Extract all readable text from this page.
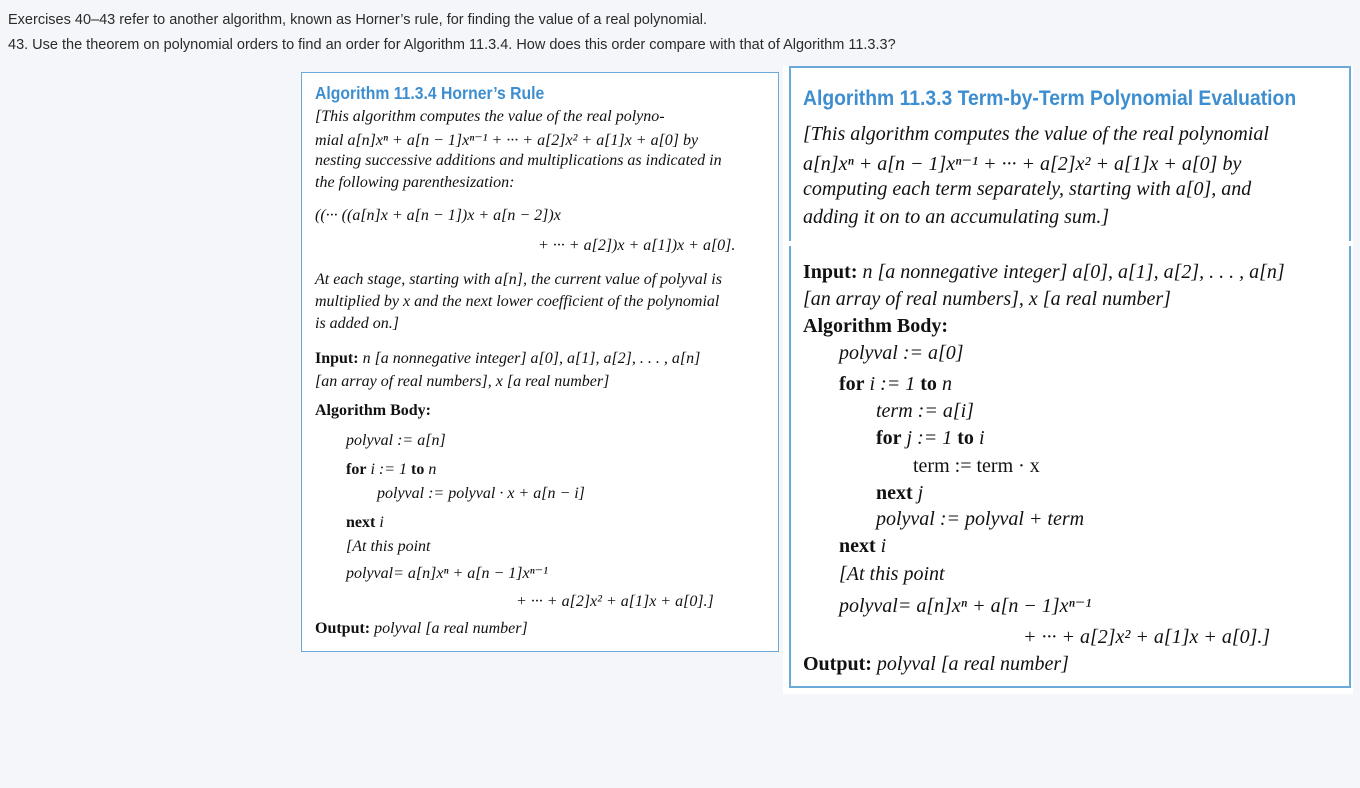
Exercises 40–43 refer to another algorithm, known as Horner’s rule, for finding the value of a real polynomial.
43. Use the theorem on polynomial orders to find an order for Algorithm 11.3.4. How does this order compare with that of Algorithm 11.3.3?
Algorithm 11.3.4 Horner’s Rule
[This algorithm computes the value of the real polyno-
mial a[n]xⁿ + a[n − 1]xⁿ⁻¹ + ··· + a[2]x² + a[1]x + a[0] by
nesting successive additions and multiplications as indicated in
the following parenthesization:
((··· ((a[n]x + a[n − 1])x + a[n − 2])x
+ ··· + a[2])x + a[1])x + a[0].
At each stage, starting with a[n], the current value of polyval is
multiplied by x and the next lower coefficient of the polynomial
is added on.]
Input: n [a nonnegative integer] a[0], a[1], a[2], . . . , a[n]
[an array of real numbers], x [a real number]
Algorithm Body:
polyval := a[n]
for i := 1 to n
polyval := polyval · x + a[n − i]
next i
[At this point
polyval= a[n]xⁿ + a[n − 1]xⁿ⁻¹
+ ··· + a[2]x² + a[1]x + a[0].]
Output: polyval [a real number]
Algorithm 11.3.3 Term-by-Term Polynomial Evaluation
[This algorithm computes the value of the real polynomial
a[n]xⁿ + a[n − 1]xⁿ⁻¹ + ··· + a[2]x² + a[1]x + a[0] by
computing each term separately, starting with a[0], and
adding it on to an accumulating sum.]
Input: n [a nonnegative integer] a[0], a[1], a[2], . . . , a[n]
[an array of real numbers], x [a real number]
Algorithm Body:
polyval := a[0]
for i := 1 to n
term := a[i]
for j := 1 to i
term := term · x
next j
polyval := polyval + term
next i
[At this point
polyval= a[n]xⁿ + a[n − 1]xⁿ⁻¹
+ ··· + a[2]x² + a[1]x + a[0].]
Output: polyval [a real number]
